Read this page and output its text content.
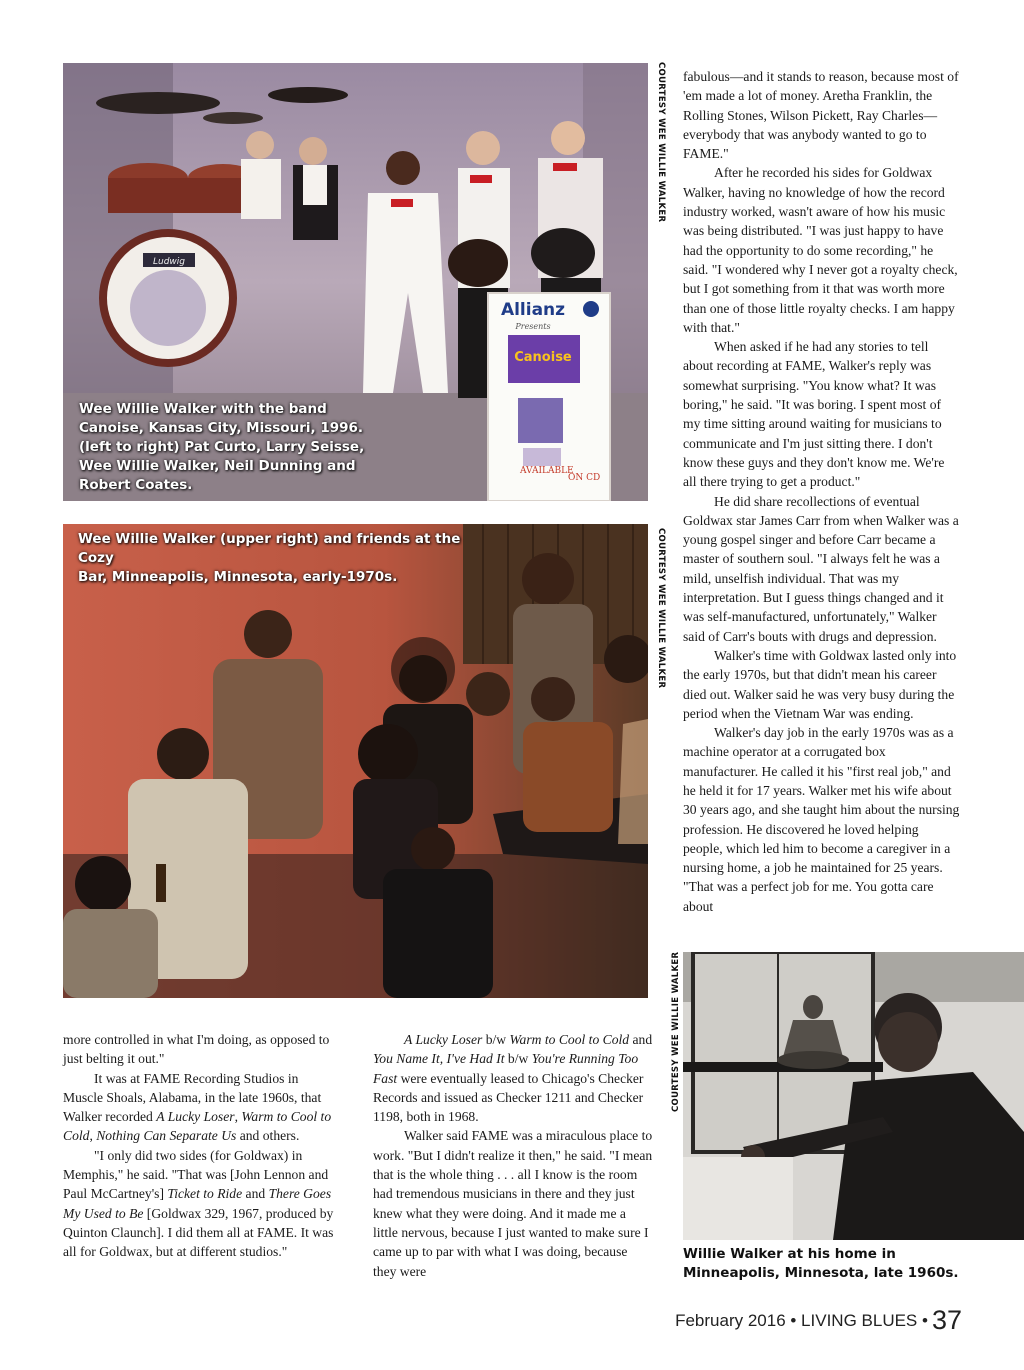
Ludwig
Allianz
Presents
Canoise
AVAILABLE
ON CD
Wee Willie Walker with the band
Canoise, Kansas City, Missouri, 1996.
(left to right) Pat Curto, Larry Seisse,
Wee Willie Walker, Neil Dunning and
Robert Coates.
COURTESY WEE WILLIE WALKER
Wee Willie Walker (upper right) and friends at the Cozy
Bar, Minneapolis, Minnesota, early-1970s.	COURTESY WEE WILLIE WALKER
COURTESY WEE WILLIE WALKER
Willie Walker at his home in
Minneapolis, Minnesota, late 1960s.

fabulous—and it stands to reason, because most of 'em made a lot of money. Aretha Franklin, the Rolling Stones, Wilson Pickett, Ray Charles—everybody that was anybody wanted to go to FAME."

After he recorded his sides for Goldwax Walker, having no knowledge of how the record industry worked, wasn't aware of how his music was being distributed. "I was just happy to have had the opportunity to do some recording," he said. "I wondered why I never got a royalty check, but I got something from it that was worth more than one of those little royalty checks. I am happy with that."

When asked if he had any stories to tell about recording at FAME, Walker's reply was somewhat surprising. "You know what? It was boring," he said. "It was boring. I spent most of my time sitting around waiting for musicians to communicate and I'm just sitting there. I don't know these guys and they don't know me. We're all there trying to get a product."

He did share recollections of eventual Goldwax star James Carr from when Walker was a young gospel singer and before Carr became a master of southern soul. "I always felt he was a mild, unselfish individual. That was my interpretation. But I guess things changed and it was self-manufactured, unfortunately," Walker said of Carr's bouts with drugs and depression.

Walker's time with Goldwax lasted only into the early 1970s, but that didn't mean his career died out. Walker said he was very busy during the period when the Vietnam War was ending.

Walker's day job in the early 1970s was as a machine operator at a corrugated box manufacturer. He called it his "first real job," and he held it for 17 years. Walker met his wife about 30 years ago, and she taught him about the nursing profession. He discovered he loved helping people, which led him to become a caregiver in a nursing home, a job he maintained for 25 years. "That was a perfect job for me. You gotta care about

more controlled in what I'm doing, as opposed to just belting it out."

It was at FAME Recording Studios in Muscle Shoals, Alabama, in the late 1960s, that Walker recorded A Lucky Loser, Warm to Cool to Cold, Nothing Can Separate Us and others.

"I only did two sides (for Goldwax) in Memphis," he said. "That was [John Lennon and Paul McCartney's] Ticket to Ride and There Goes My Used to Be [Goldwax 329, 1967, produced by Quinton Claunch]. I did them all at FAME. It was all for Goldwax, but at different studios."

A Lucky Loser b/w Warm to Cool to Cold and You Name It, I've Had It b/w You're Running Too Fast were eventually leased to Chicago's Checker Records and issued as Checker 1211 and Checker 1198, both in 1968.

Walker said FAME was a miraculous place to work. "But I didn't realize it then," he said. "I mean that is the whole thing . . . all I know is the room had tremendous musicians in there and they just knew what they were doing. And it made me a little nervous, because I just wanted to make sure I came up to par with what I was doing, because they were

February 2016 • LIVING BLUES • 37
